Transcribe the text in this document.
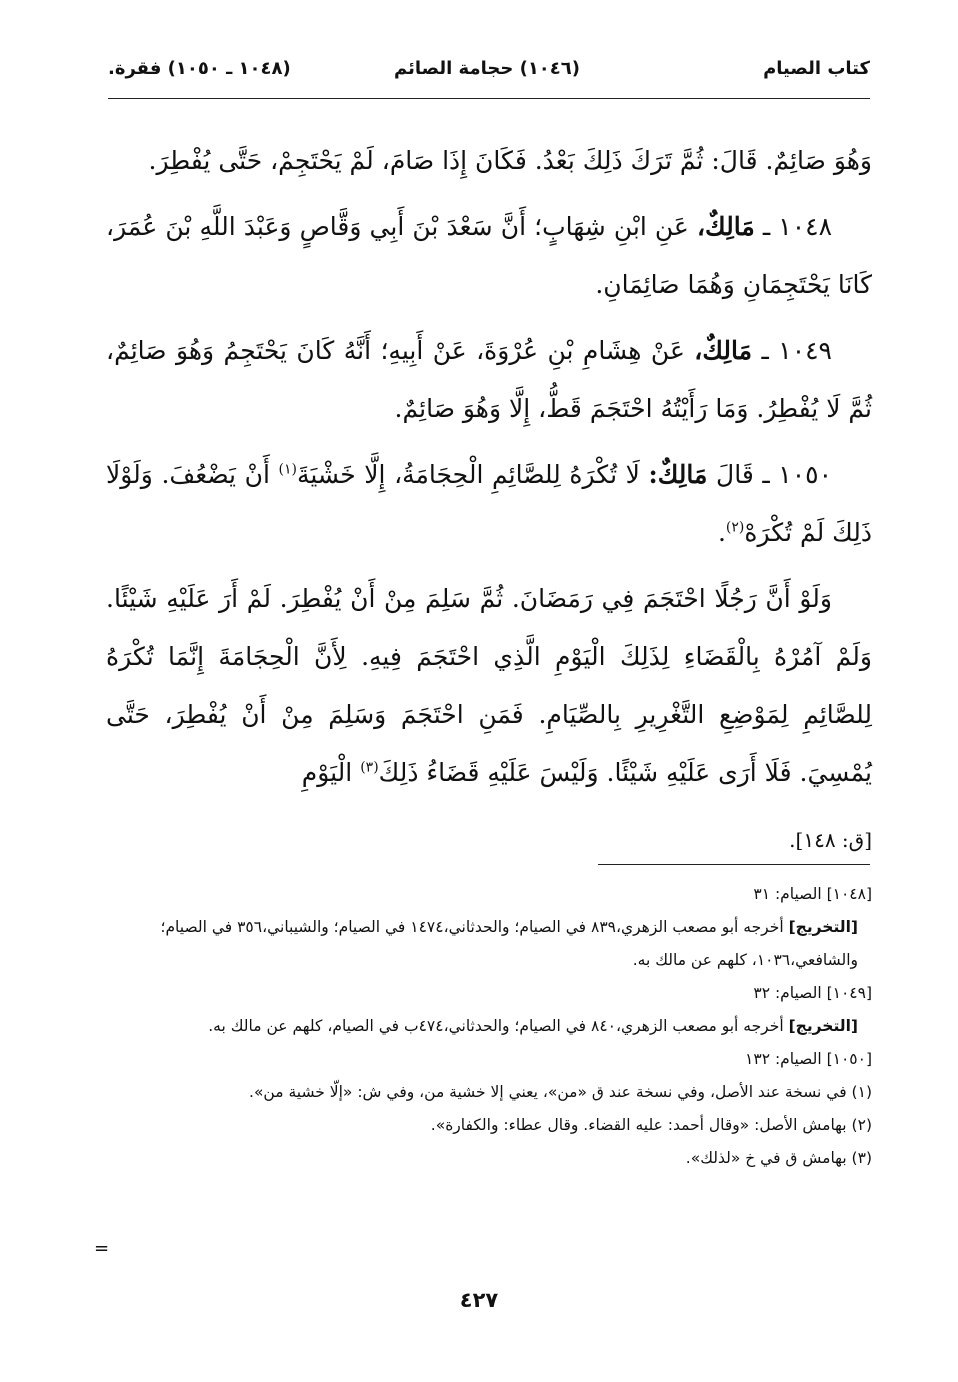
كتاب الصيام
(١٠٤٦) حجامة الصائم
(١٠٤٨ ـ ١٠٥٠) فقرة.

وَهُوَ صَائِمٌ. قَالَ: ثُمَّ تَرَكَ ذَلِكَ بَعْدُ. فَكَانَ إِذَا صَامَ، لَمْ يَحْتَجِمْ، حَتَّى يُفْطِرَ.

١٠٤٨ ـ مَالِكٌ، عَنِ ابْنِ شِهَابٍ؛ أَنَّ سَعْدَ بْنَ أَبِي وَقَّاصٍ وَعَبْدَ اللَّهِ بْنَ عُمَرَ، كَانَا يَحْتَجِمَانِ وَهُمَا صَائِمَانِ.

١٠٤٩ ـ مَالِكٌ، عَنْ هِشَامِ بْنِ عُرْوَةَ، عَنْ أَبِيهِ؛ أَنَّهُ كَانَ يَحْتَجِمُ وَهُوَ صَائِمٌ، ثُمَّ لَا يُفْطِرُ. وَمَا رَأَيْتُهُ احْتَجَمَ قَطُّ، إِلَّا وَهُوَ صَائِمٌ.

١٠٥٠ ـ قَالَ مَالِكٌ: لَا تُكْرَهُ لِلصَّائِمِ الْحِجَامَةُ، إِلَّا خَشْيَةَ$^{(١)}$ أَنْ يَضْعُفَ. وَلَوْلَا ذَلِكَ لَمْ تُكْرَهْ$^{(٢)}$.

وَلَوْ أَنَّ رَجُلًا احْتَجَمَ فِي رَمَضَانَ. ثُمَّ سَلِمَ مِنْ أَنْ يُفْطِرَ. لَمْ أَرَ عَلَيْهِ شَيْئًا. وَلَمْ آمُرْهُ بِالْقَضَاءِ لِذَلِكَ الْيَوْمِ الَّذِي احْتَجَمَ فِيهِ. لِأَنَّ الْحِجَامَةَ إِنَّمَا تُكْرَهُ لِلصَّائِمِ لِمَوْضِعِ التَّغْرِيرِ بِالصِّيَامِ. فَمَنِ احْتَجَمَ وَسَلِمَ مِنْ أَنْ يُفْطِرَ، حَتَّى يُمْسِيَ. فَلَا أَرَى عَلَيْهِ شَيْئًا. وَلَيْسَ عَلَيْهِ قَضَاءُ ذَلِكَ$^{(٣)}$ الْيَوْمِ

[ق: ١٤٨].

[١٠٤٨] الصيام: ٣١

[التخريج] أخرجه أبو مصعب الزهري،٨٣٩ في الصيام؛ والحدثاني،١٤٧٤ في الصيام؛ والشيباني،٣٥٦ في الصيام؛ والشافعي،١٠٣٦، كلهم عن مالك به.

[١٠٤٩] الصيام: ٣٢

[التخريج] أخرجه أبو مصعب الزهري،٨٤٠ في الصيام؛ والحدثاني،٤٧٤ب في الصيام، كلهم عن مالك به.

[١٠٥٠] الصيام: ١٣٢

(١) في نسخة عند الأصل، وفي نسخة عند ق «من»، يعني إلا خشية من، وفي ش: «إلّا خشية من».

(٢) بهامش الأصل: «وقال أحمد: عليه القضاء. وقال عطاء: والكفارة».

(٣) بهامش ق في خ «لذلك».

=
٤٢٧
